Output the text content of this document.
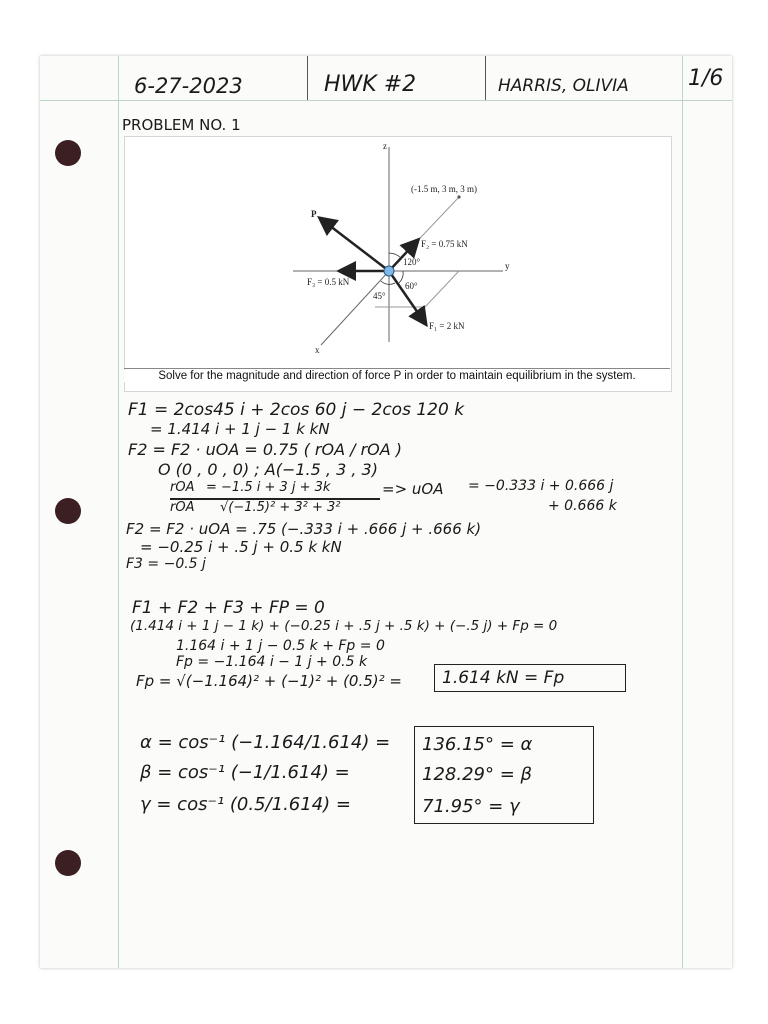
6-27-2023	HWK #2	HARRIS, OLIVIA	1/6
PROBLEM NO. 1
z
y
x
(-1.5 m, 3 m, 3 m)
P
F₂ = 0.75 kN
F₃ = 0.5 kN
F₁ = 2 kN
120°
60°
45°
Solve for the magnitude and direction of force P in order to maintain equilibrium in the system.
F1 = 2cos45 i + 2cos 60 j − 2cos 120 k
= 1.414 i + 1 j − 1 k kN
F2 = F2 · uOA = 0.75 ( rOA / rOA )
O (0 , 0 , 0) ; A(−1.5 , 3 , 3)
rOA = −1.5 i + 3 j + 3k	=> uOA = −0.333 i + 0.666 j
rOA √(−1.5)² + 3² + 3²	+ 0.666 k
F2 = F2 · uOA = .75 (−.333 i + .666 j + .666 k)
= −0.25 i + .5 j + 0.5 k kN
F3 = −0.5 j
F1 + F2 + F3 + FP = 0
(1.414 i + 1 j − 1 k) + (−0.25 i + .5 j + .5 k) + (−.5 j) + Fp = 0
1.164 i + 1 j − 0.5 k + Fp = 0
Fp = −1.164 i − 1 j + 0.5 k
Fp = √(−1.164)² + (−1)² + (0.5)² = 1.614 kN = Fp
α = cos⁻¹ (−1.164/1.614) =
β = cos⁻¹ (−1/1.614) =
γ = cos⁻¹ (0.5/1.614) =
136.15° = α
128.29° = β
71.95° = γ
